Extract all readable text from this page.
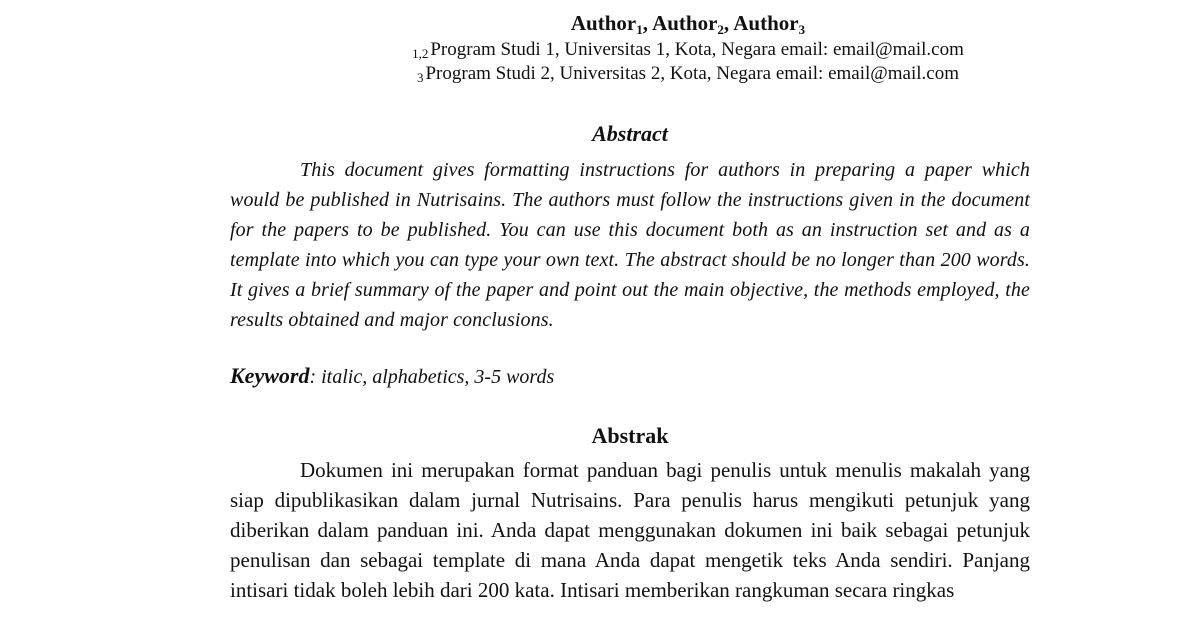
Author$_1$, Author$_2$, Author$_3$
$_{1,2}$ Program Studi 1, Universitas 1, Kota, Negara email: email@mail.com
$_3$ Program Studi 2, Universitas 2, Kota, Negara email: email@mail.com
Abstract
This document gives formatting instructions for authors in preparing a paper which would be published in Nutrisains. The authors must follow the instructions given in the document for the papers to be published. You can use this document both as an instruction set and as a template into which you can type your own text. The abstract should be no longer than 200 words. It gives a brief summary of the paper and point out the main objective, the methods employed, the results obtained and major conclusions.
Keyword: italic, alphabetics, 3-5 words
Abstrak
Dokumen ini merupakan format panduan bagi penulis untuk menulis makalah yang siap dipublikasikan dalam jurnal Nutrisains. Para penulis harus mengikuti petunjuk yang diberikan dalam panduan ini. Anda dapat menggunakan dokumen ini baik sebagai petunjuk penulisan dan sebagai template di mana Anda dapat mengetik teks Anda sendiri. Panjang intisari tidak boleh lebih dari 200 kata. Intisari memberikan rangkuman secara ringkas
